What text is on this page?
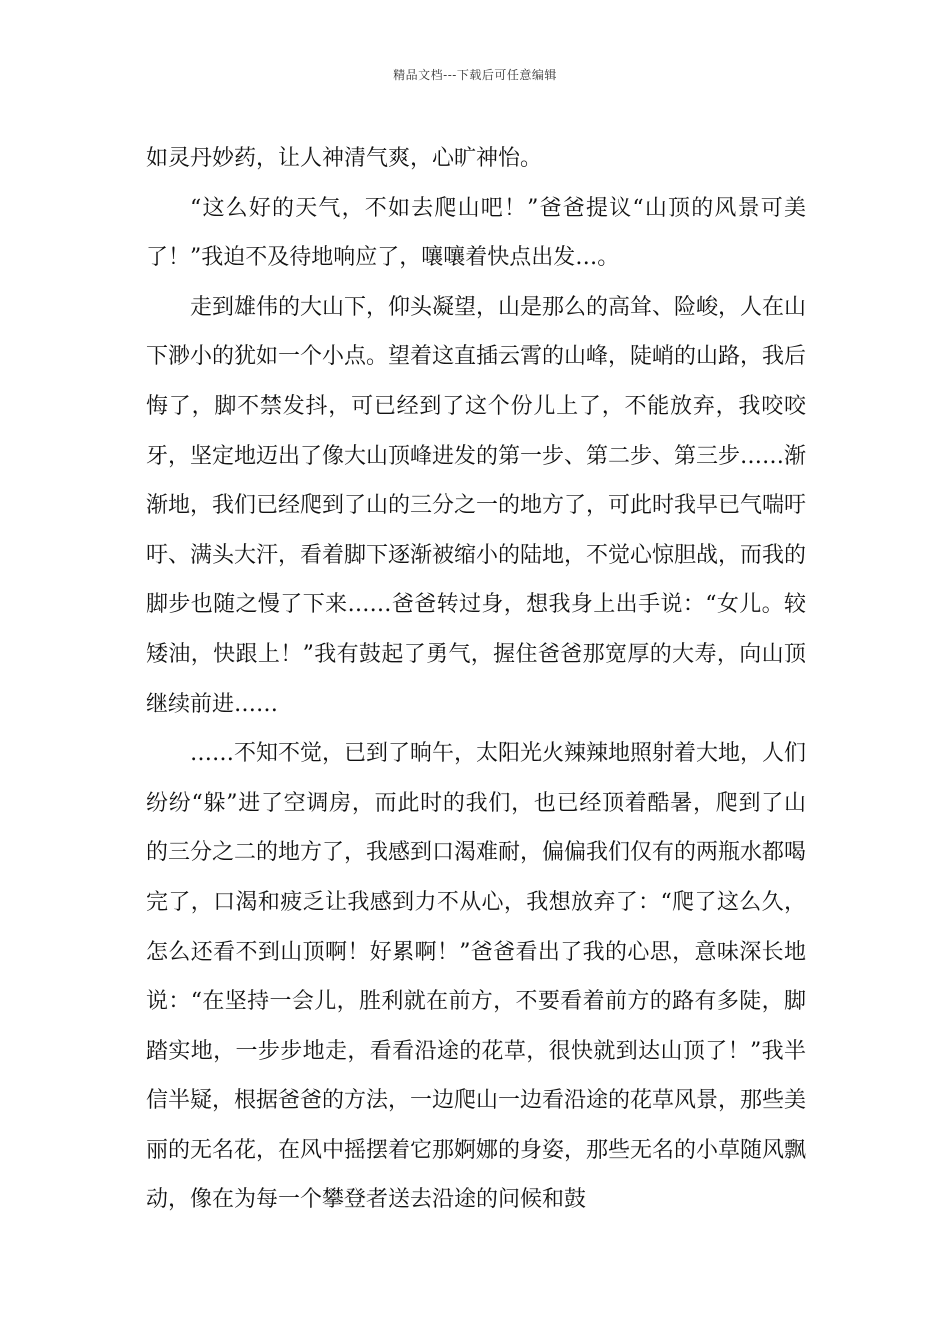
精品文档---下载后可任意编辑

如灵丹妙药，让人神清气爽，心旷神怡。

“这么好的天气，不如去爬山吧！”爸爸提议“山顶的风景可美了！”我迫不及待地响应了，嚷嚷着快点出发…。

走到雄伟的大山下，仰头凝望，山是那么的高耸、险峻，人在山下渺小的犹如一个小点。望着这直插云霄的山峰，陡峭的山路，我后悔了，脚不禁发抖，可已经到了这个份儿上了，不能放弃，我咬咬牙，坚定地迈出了像大山顶峰进发的第一步、第二步、第三步……渐渐地，我们已经爬到了山的三分之一的地方了，可此时我早已气喘吁吁、满头大汗，看着脚下逐渐被缩小的陆地，不觉心惊胆战，而我的脚步也随之慢了下来……爸爸转过身，想我身上出手说：“女儿。较矮油，快跟上！”我有鼓起了勇气，握住爸爸那宽厚的大寿，向山顶继续前进……

……不知不觉，已到了晌午，太阳光火辣辣地照射着大地，人们纷纷“躲”进了空调房，而此时的我们，也已经顶着酷暑，爬到了山的三分之二的地方了，我感到口渴难耐，偏偏我们仅有的两瓶水都喝完了，口渴和疲乏让我感到力不从心，我想放弃了：“爬了这么久，怎么还看不到山顶啊！好累啊！”爸爸看出了我的心思，意味深长地说：“在坚持一会儿，胜利就在前方，不要看着前方的路有多陡，脚踏实地，一步步地走，看看沿途的花草，很快就到达山顶了！”我半信半疑，根据爸爸的方法，一边爬山一边看沿途的花草风景，那些美丽的无名花，在风中摇摆着它那婀娜的身姿，那些无名的小草随风飘动，像在为每一个攀登者送去沿途的问候和鼓
